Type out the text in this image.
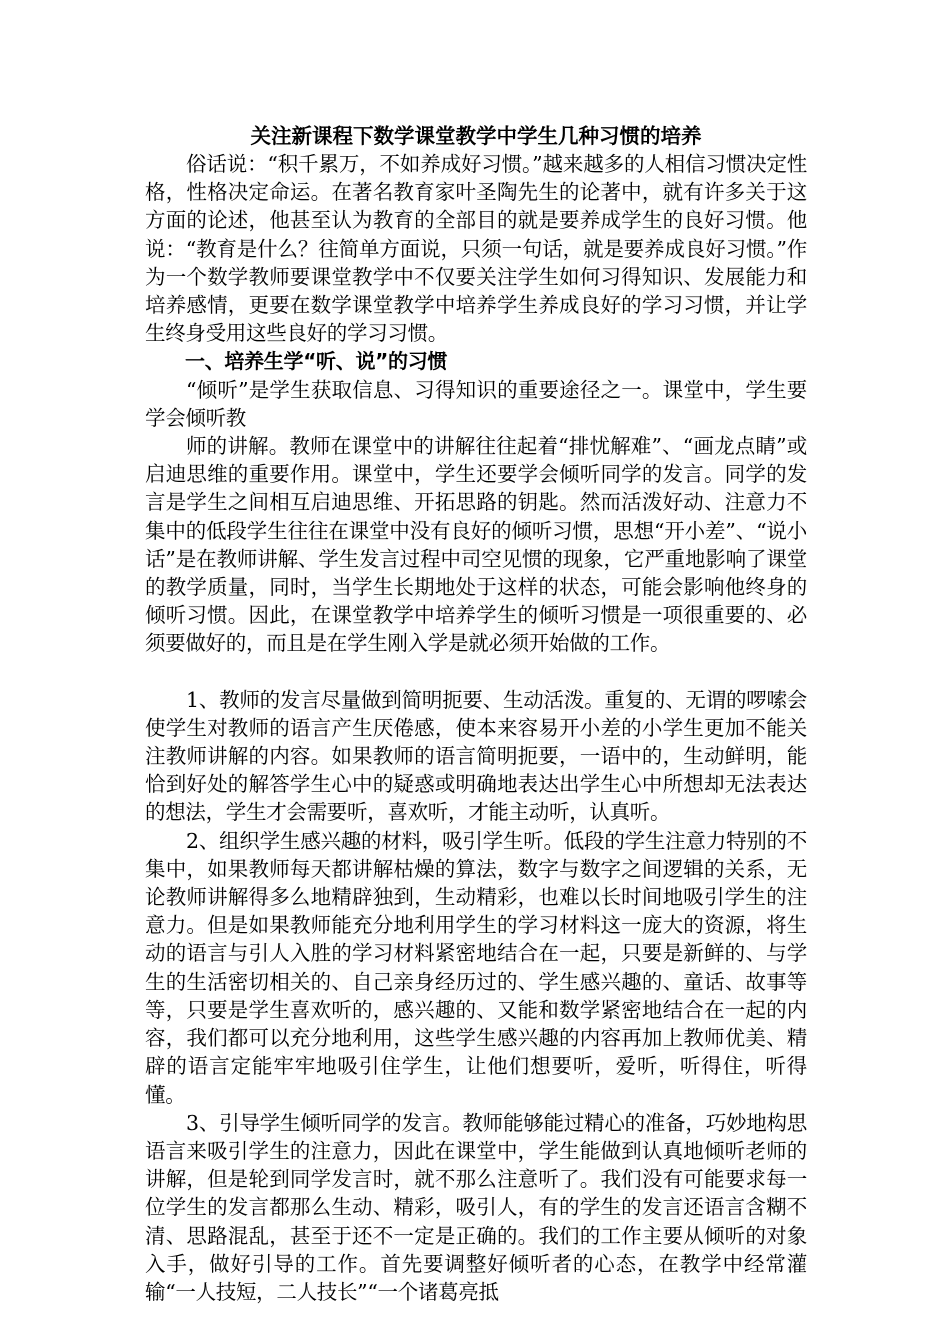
关注新课程下数学课堂教学中学生几种习惯的培养

俗话说：“积千累万，不如养成好习惯。”越来越多的人相信习惯决定性格，性格决定命运。在著名教育家叶圣陶先生的论著中，就有许多关于这方面的论述，他甚至认为教育的全部目的就是要养成学生的良好习惯。他说：“教育是什么？往简单方面说，只须一句话，就是要养成良好习惯。”作为一个数学教师要课堂教学中不仅要关注学生如何习得知识、发展能力和培养感情，更要在数学课堂教学中培养学生养成良好的学习习惯，并让学生终身受用这些良好的学习习惯。

一、培养生学“听、说”的习惯

“倾听”是学生获取信息、习得知识的重要途径之一。课堂中，学生要学会倾听教

师的讲解。教师在课堂中的讲解往往起着“排忧解难”、“画龙点睛”或启迪思维的重要作用。课堂中，学生还要学会倾听同学的发言。同学的发言是学生之间相互启迪思维、开拓思路的钥匙。然而活泼好动、注意力不集中的低段学生往往在课堂中没有良好的倾听习惯，思想“开小差”、“说小话”是在教师讲解、学生发言过程中司空见惯的现象，它严重地影响了课堂的教学质量，同时，当学生长期地处于这样的状态，可能会影响他终身的倾听习惯。因此，在课堂教学中培养学生的倾听习惯是一项很重要的、必须要做好的，而且是在学生刚入学是就必须开始做的工作。

1、教师的发言尽量做到简明扼要、生动活泼。重复的、无谓的啰嗦会使学生对教师的语言产生厌倦感，使本来容易开小差的小学生更加不能关注教师讲解的内容。如果教师的语言简明扼要，一语中的，生动鲜明，能恰到好处的解答学生心中的疑惑或明确地表达出学生心中所想却无法表达的想法，学生才会需要听，喜欢听，才能主动听，认真听。

2、组织学生感兴趣的材料，吸引学生听。低段的学生注意力特别的不集中，如果教师每天都讲解枯燥的算法，数字与数字之间逻辑的关系，无论教师讲解得多么地精辟独到，生动精彩，也难以长时间地吸引学生的注意力。但是如果教师能充分地利用学生的学习材料这一庞大的资源，将生动的语言与引人入胜的学习材料紧密地结合在一起，只要是新鲜的、与学生的生活密切相关的、自己亲身经历过的、学生感兴趣的、童话、故事等等，只要是学生喜欢听的，感兴趣的、又能和数学紧密地结合在一起的内容，我们都可以充分地利用，这些学生感兴趣的内容再加上教师优美、精辟的语言定能牢牢地吸引住学生，让他们想要听，爱听，听得住，听得懂。

3、引导学生倾听同学的发言。教师能够能过精心的准备，巧妙地构思语言来吸引学生的注意力，因此在课堂中，学生能做到认真地倾听老师的讲解，但是轮到同学发言时，就不那么注意听了。我们没有可能要求每一位学生的发言都那么生动、精彩，吸引人，有的学生的发言还语言含糊不清、思路混乱，甚至于还不一定是正确的。我们的工作主要从倾听的对象入手，做好引导的工作。首先要调整好倾听者的心态，在教学中经常灌输“一人技短，二人技长”“一个诸葛亮抵
